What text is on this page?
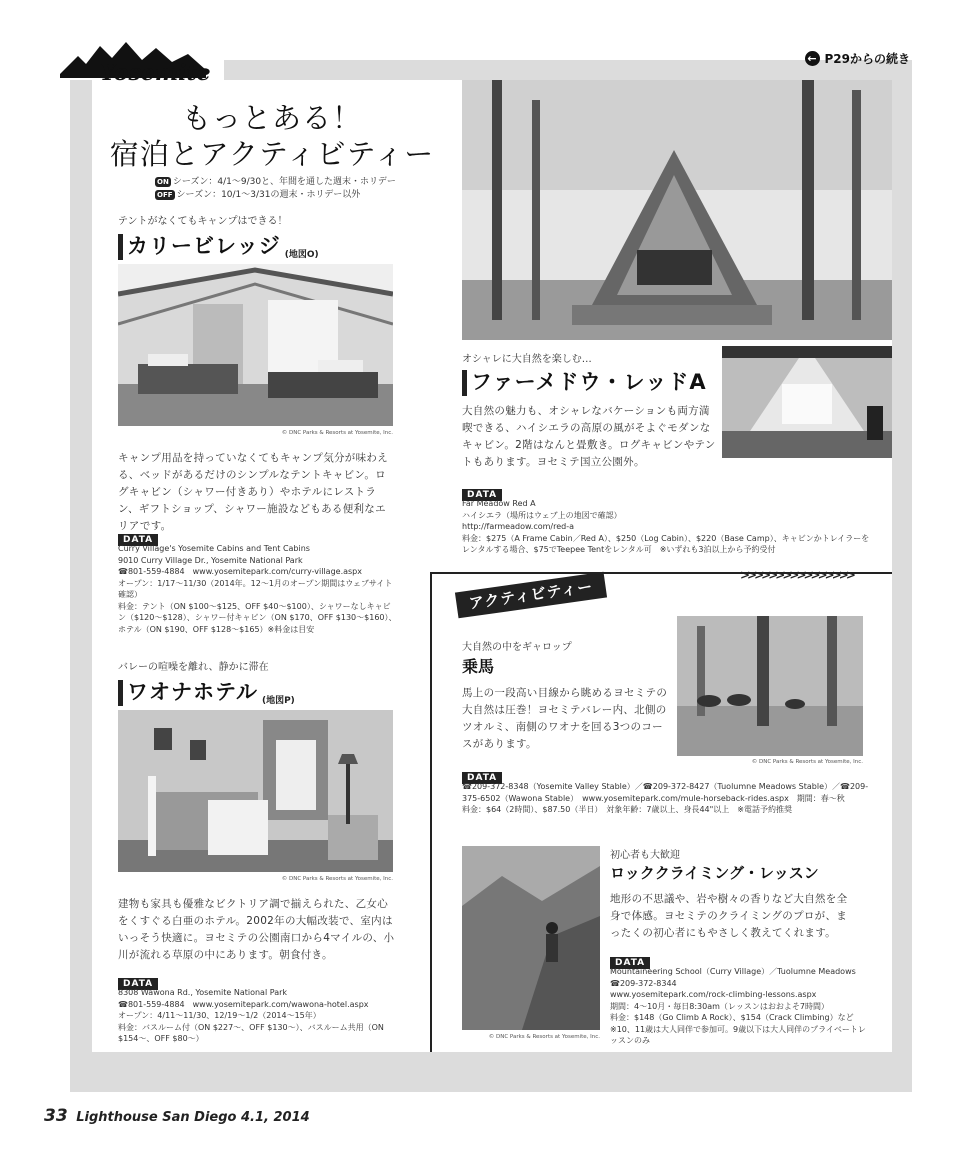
Yosemite
← P29からの続き
もっとある！
宿泊とアクティビティー
ON シーズン：4/1～9/30と、年間を通した週末・ホリデー
OFF シーズン：10/1～3/31の週末・ホリデー以外
テントがなくてもキャンプはできる！
カリービレッジ (地図O)
© DNC Parks & Resorts at Yosemite, Inc.
キャンプ用品を持っていなくてもキャンプ気分が味わえる、ベッドがあるだけのシンプルなテントキャビン。ログキャビン（シャワー付きあり）やホテルにレストラン、ギフトショップ、シャワー施設などもある便利なエリアです。
DATA
Curry Village's Yosemite Cabins and Tent Cabins
9010 Curry Village Dr., Yosemite National Park
☎801-559-4884　www.yosemitepark.com/curry-village.aspx
オープン：1/17～11/30（2014年。12～1月のオープン期間はウェブサイト確認）
料金：テント（ON $100～$125、OFF $40～$100）、シャワーなしキャビン（$120～$128）、シャワー付キャビン（ON $170、OFF $130～$160）、ホテル（ON $190、OFF $128～$165）※料金は目安
バレーの喧噪を離れ、静かに滞在
ワオナホテル (地図P)
© DNC Parks & Resorts at Yosemite, Inc.
建物も家具も優雅なビクトリア調で揃えられた、乙女心をくすぐる白亜のホテル。2002年の大幅改装で、室内はいっそう快適に。ヨセミテの公園南口から4マイルの、小川が流れる草原の中にあります。朝食付き。
DATA
8308 Wawona Rd., Yosemite National Park
☎801-559-4884　www.yosemitepark.com/wawona-hotel.aspx
オープン：4/11～11/30、12/19～1/2（2014～15年）
料金：バスルーム付（ON $227～、OFF $130～）、バスルーム共用（ON $154～、OFF $80～）
オシャレに大自然を楽しむ…
ファーメドウ・レッドA
大自然の魅力も、オシャレなバケーションも両方満喫できる、ハイシエラの高原の風がそよぐモダンなキャビン。2階はなんと畳敷き。ログキャビンやテントもあります。ヨセミテ国立公園外。
DATA
Far Meadow Red A
ハイシエラ（場所はウェブ上の地図で確認）
http://farmeadow.com/red-a
料金：$275（A Frame Cabin／Red A）、$250（Log Cabin）、$220（Base Camp）、キャビンかトレイラーをレンタルする場合、$75でTeepee Tentをレンタル可　※いずれも3泊以上から予約受付
アクティビティー
>>>>>>>>>>>>>>>>
大自然の中をギャロップ
乗馬
馬上の一段高い目線から眺めるヨセミテの大自然は圧巻！ヨセミテバレー内、北側のツオルミ、南側のワオナを回る3つのコースがあります。
© DNC Parks & Resorts at Yosemite, Inc.
DATA
☎209-372-8348（Yosemite Valley Stable）／☎209-372-8427（Tuolumne Meadows Stable）／☎209-375-6502（Wawona Stable）　www.yosemitepark.com/mule-horseback-rides.aspx　期間：春～秋
料金：$64（2時間）、$87.50（半日）　対象年齢：7歳以上、身長44"以上　※電話予約推奨
© DNC Parks & Resorts at Yosemite, Inc.
初心者も大歓迎
ロッククライミング・レッスン
地形の不思議や、岩や樹々の香りなど大自然を全身で体感。ヨセミテのクライミングのプロが、まったくの初心者にもやさしく教えてくれます。
DATA
Mountaineering School（Curry Village）／Tuolumne Meadows
☎209-372-8344
www.yosemitepark.com/rock-climbing-lessons.aspx
期間：4～10月・毎日8:30am（レッスンはおおよそ7時間）
料金：$148（Go Climb A Rock）、$154（Crack Climbing）など
※10、11歳は大人同伴で参加可。9歳以下は大人同伴のプライベートレッスンのみ
33 Lighthouse San Diego 4.1, 2014
